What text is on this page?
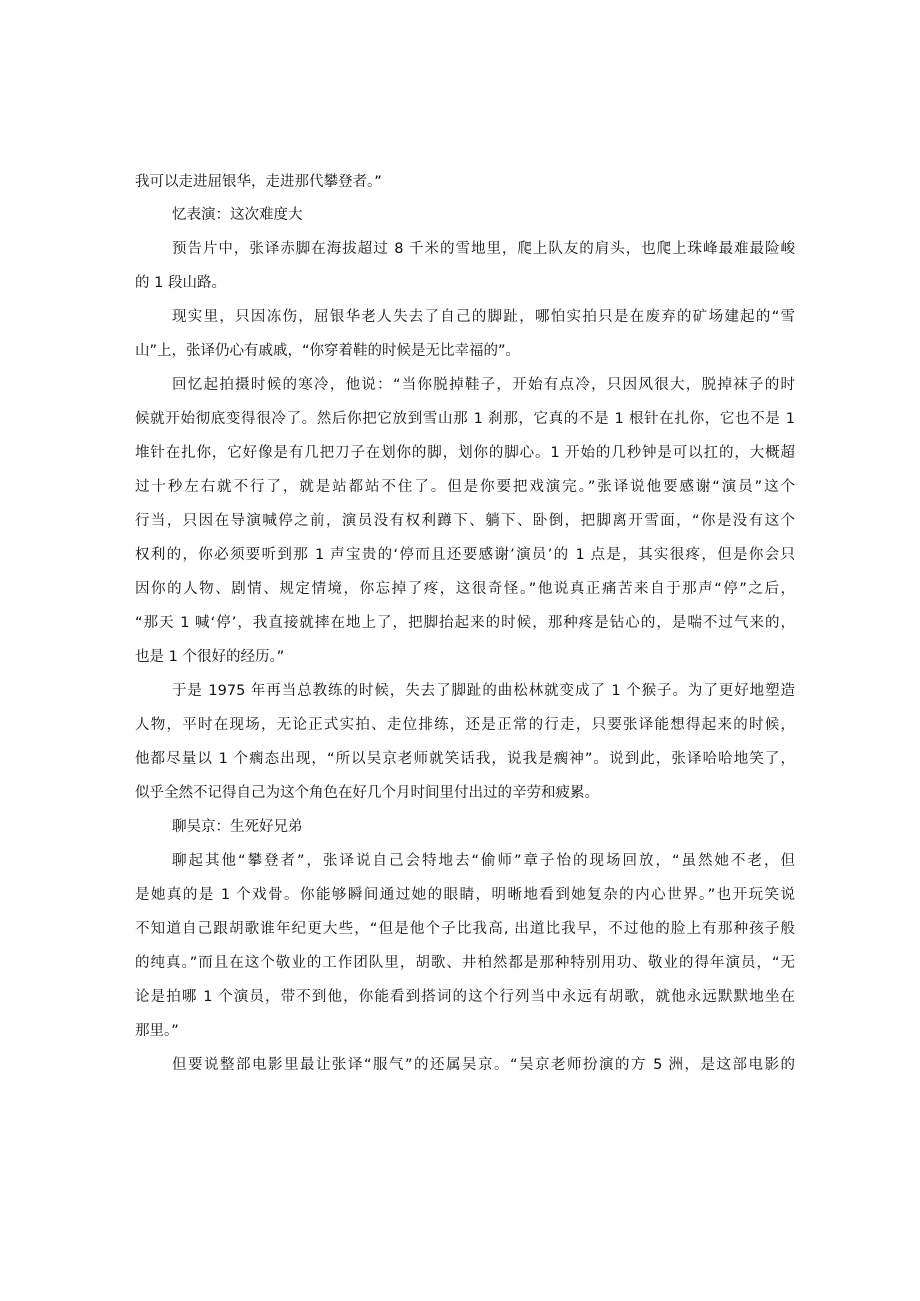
我可以走进屈银华，走进那代攀登者。”
忆表演：这次难度大
预告片中，张译赤脚在海拔超过 8 千米的雪地里，爬上队友的肩头，也爬上珠峰最难最险峻
的 1 段山路。
现实里，只因冻伤，屈银华老人失去了自己的脚趾，哪怕实拍只是在废弃的矿场建起的“雪
山”上，张译仍心有戚戚，“你穿着鞋的时候是无比幸福的”。
回忆起拍摄时候的寒冷，他说：“当你脱掉鞋子，开始有点冷，只因风很大，脱掉袜子的时
候就开始彻底变得很冷了。然后你把它放到雪山那 1 刹那，它真的不是 1 根针在扎你，它也不是 1
堆针在扎你，它好像是有几把刀子在划你的脚，划你的脚心。1 开始的几秒钟是可以扛的，大概超
过十秒左右就不行了，就是站都站不住了。但是你要把戏演完。”张译说他要感谢“演员”这个
行当，只因在导演喊停之前，演员没有权利蹲下、躺下、卧倒，把脚离开雪面，“你是没有这个
权利的，你必须要听到那 1 声宝贵的‘停而且还要感谢’演员’的 1 点是，其实很疼，但是你会只
因你的人物、剧情、规定情境，你忘掉了疼，这很奇怪。”他说真正痛苦来自于那声“停”之后，
“那天 1 喊‘停’，我直接就摔在地上了，把脚抬起来的时候，那种疼是钻心的，是喘不过气来的，
也是 1 个很好的经历。”
于是 1975 年再当总教练的时候，失去了脚趾的曲松林就变成了 1 个猴子。为了更好地塑造
人物，平时在现场，无论正式实拍、走位排练，还是正常的行走，只要张译能想得起来的时候，
他都尽量以 1 个瘸态出现，“所以吴京老师就笑话我，说我是瘸神”。说到此，张译哈哈地笑了，
似乎全然不记得自己为这个角色在好几个月时间里付出过的辛劳和疲累。
聊吴京：生死好兄弟
聊起其他“攀登者”，张译说自己会特地去“偷师”章子怡的现场回放，“虽然她不老，但
是她真的是 1 个戏骨。你能够瞬间通过她的眼睛，明晰地看到她复杂的内心世界。”也开玩笑说
不知道自己跟胡歌谁年纪更大些，“但是他个子比我高, 出道比我早，不过他的脸上有那种孩子般
的纯真。”而且在这个敬业的工作团队里，胡歌、井柏然都是那种特别用功、敬业的得年演员，“无
论是拍哪 1 个演员，带不到他，你能看到搭词的这个行列当中永远有胡歌，就他永远默默地坐在
那里。”
但要说整部电影里最让张译“服气”的还属吴京。“吴京老师扮演的方 5 洲，是这部电影的
